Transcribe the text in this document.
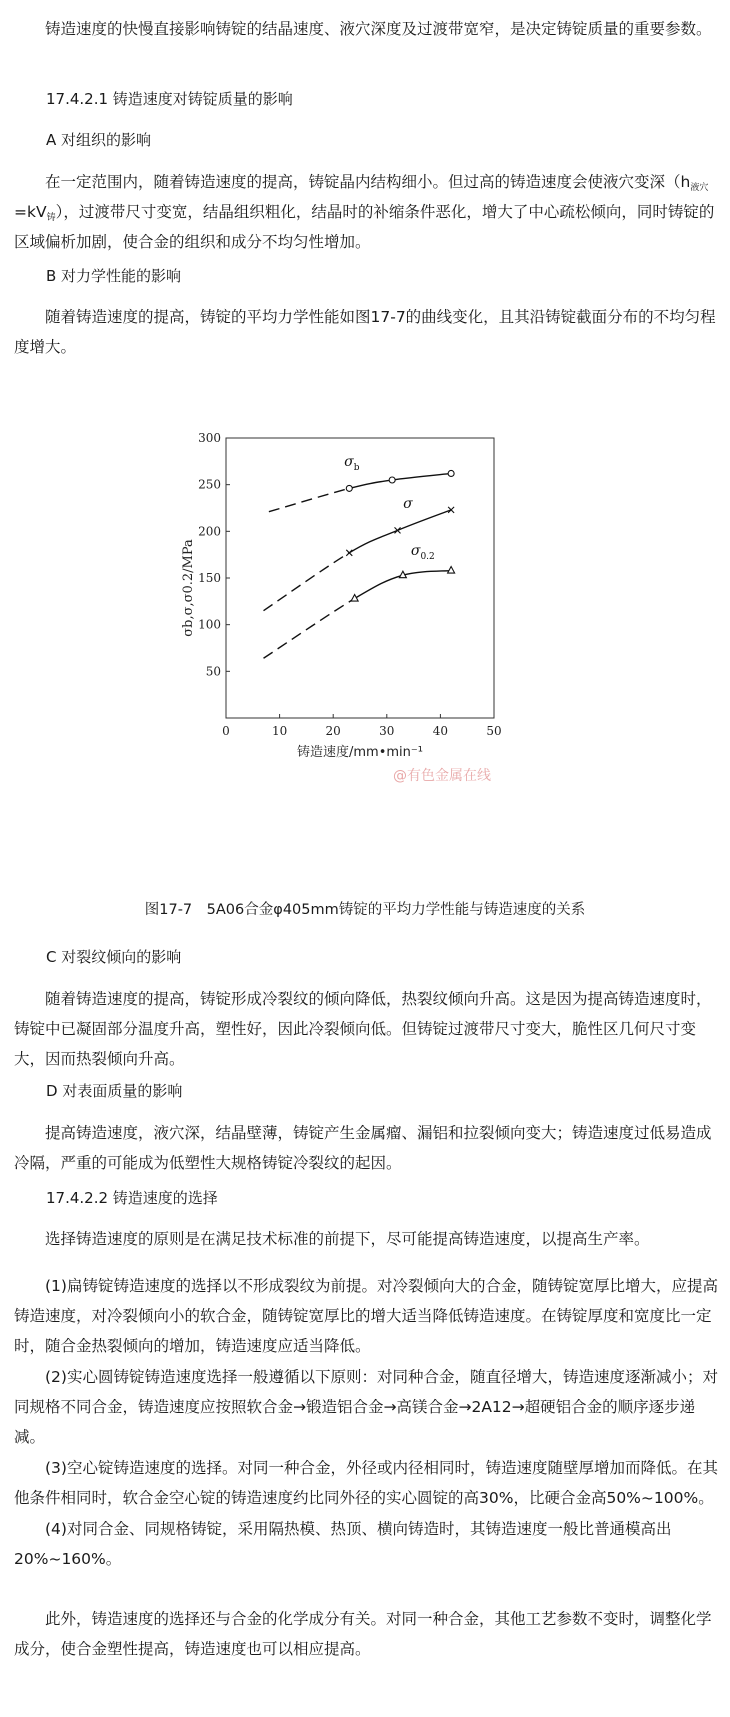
铸造速度的快慢直接影响铸锭的结晶速度、液穴深度及过渡带宽窄，是决定铸锭质量的重要参数。

17.4.2.1 铸造速度对铸锭质量的影响

A 对组织的影响

在一定范围内，随着铸造速度的提高，铸锭晶内结构细小。但过高的铸造速度会使液穴变深$(h_{液穴}=kV_铸)$，过渡带尺寸变宽，结晶组织粗化，结晶时的补缩条件恶化，增大了中心疏松倾向，同时铸锭的区域偏析加剧，使合金的组织和成分不均匀性增加。

B 对力学性能的影响

随着铸造速度的提高，铸锭的平均力学性能如图17-7的曲线变化，且其沿铸锭截面分布的不均匀程度增大。

0	10	20	30	40	50
50
100
150
200
250
300
铸造速度/mm•min⁻¹
σb,σ,σ0.2/MPa
$\sigma_b$
σ
$\sigma_{0.2}$
@有色金属在线

图17-7　5A06合金φ405mm铸锭的平均力学性能与铸造速度的关系

C 对裂纹倾向的影响

随着铸造速度的提高，铸锭形成冷裂纹的倾向降低，热裂纹倾向升高。这是因为提高铸造速度时，铸锭中已凝固部分温度升高，塑性好，因此冷裂倾向低。但铸锭过渡带尺寸变大，脆性区几何尺寸变大，因而热裂倾向升高。

D 对表面质量的影响

提高铸造速度，液穴深，结晶壁薄，铸锭产生金属瘤、漏铝和拉裂倾向变大；铸造速度过低易造成冷隔，严重的可能成为低塑性大规格铸锭冷裂纹的起因。

17.4.2.2 铸造速度的选择

选择铸造速度的原则是在满足技术标准的前提下，尽可能提高铸造速度，以提高生产率。

(1)扁铸锭铸造速度的选择以不形成裂纹为前提。对冷裂倾向大的合金，随铸锭宽厚比增大，应提高铸造速度，对冷裂倾向小的软合金，随铸锭宽厚比的增大适当降低铸造速度。在铸锭厚度和宽度比一定时，随合金热裂倾向的增加，铸造速度应适当降低。

(2)实心圆铸锭铸造速度选择一般遵循以下原则：对同种合金，随直径增大，铸造速度逐渐减小；对同规格不同合金，铸造速度应按照软合金→锻造铝合金→高镁合金→2A12→超硬铝合金的顺序逐步递减。

(3)空心锭铸造速度的选择。对同一种合金，外径或内径相同时，铸造速度随壁厚增加而降低。在其他条件相同时，软合金空心锭的铸造速度约比同外径的实心圆锭的高30%，比硬合金高50%~100%。

(4)对同合金、同规格铸锭，采用隔热模、热顶、横向铸造时，其铸造速度一般比普通模高出20%~160%。

此外，铸造速度的选择还与合金的化学成分有关。对同一种合金，其他工艺参数不变时，调整化学成分，使合金塑性提高，铸造速度也可以相应提高。
